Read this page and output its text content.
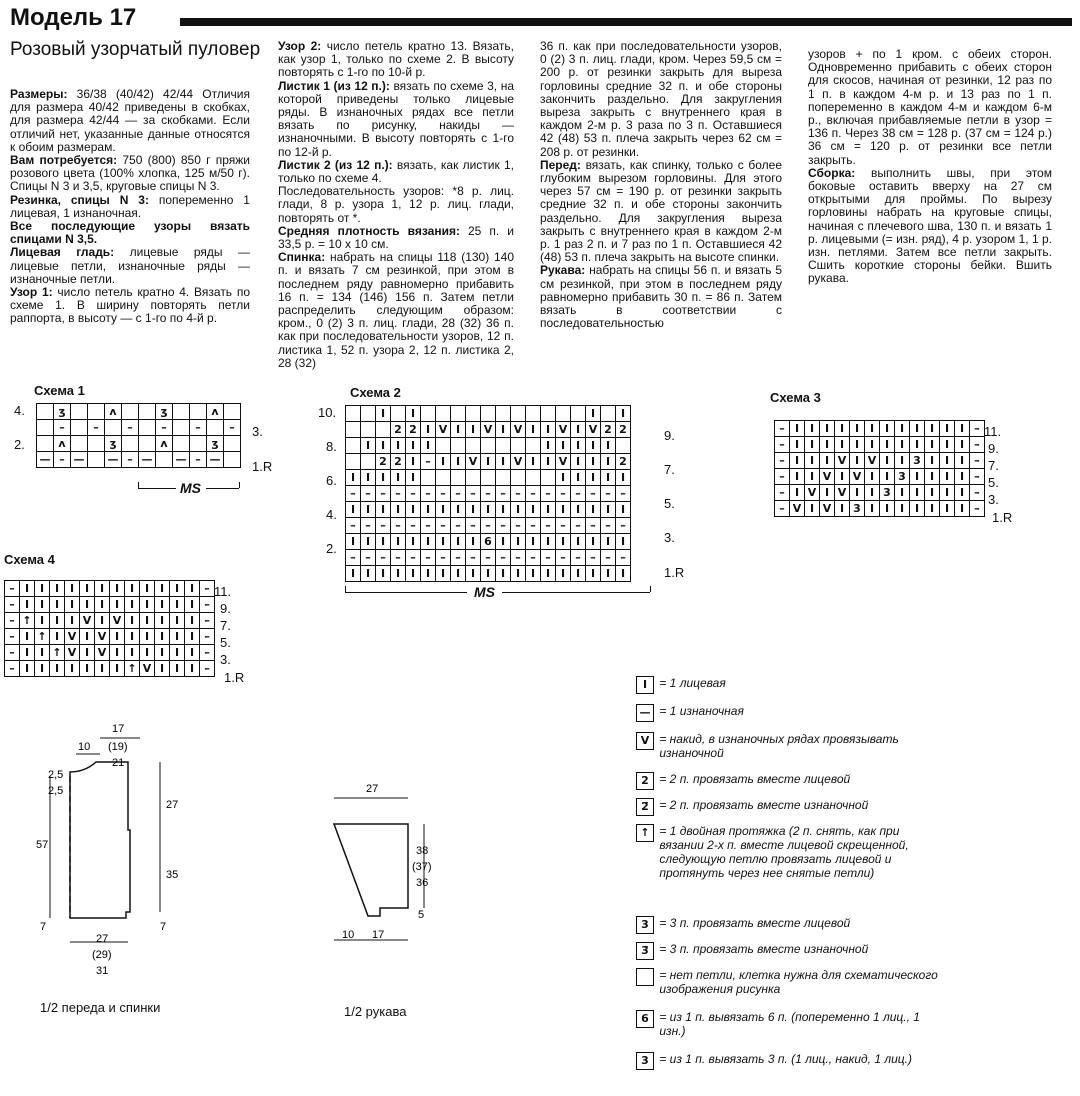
Модель 17
Розовый узорчатый пуловер

Размеры: 36/38 (40/42) 42/44 Отличия для размера 40/42 приведены в скобках, для размера 42/44 — за скобками. Если отличий нет, указанные данные относятся к обоим размерам.

Вам потребуется: 750 (800) 850 г пряжи розового цвета (100% хлопка, 125 м/50 г). Спицы N 3 и 3,5, круговые спицы N 3.

Резинка, спицы N 3: попеременно 1 лицевая, 1 изнаночная.

Все последующие узоры вязать спицами N 3,5.

Лицевая гладь: лицевые ряды — лицевые петли, изнаночные ряды — изнаночные петли.

Узор 1: число петель кратно 4. Вязать по схеме 1. В ширину повторять петли раппорта, в высоту — с 1-го по 4-й р.

Узор 2: число петель кратно 13. Вязать, как узор 1, только по схеме 2. В высоту повторять с 1-го по 10-й р.

Листик 1 (из 12 п.): вязать по схеме 3, на которой приведены только лицевые ряды. В изнаночных рядах все петли вязать по рисунку, накиды — изнаночными. В высоту повторять с 1-го по 12-й р.

Листик 2 (из 12 п.): вязать, как листик 1, только по схеме 4.

Последовательность узоров: *8 р. лиц. глади, 8 р. узора 1, 12 р. лиц. глади, повторять от *.

Средняя плотность вязания: 25 п. и 33,5 р. = 10 х 10 см.

Спинка: набрать на спицы 118 (130) 140 п. и вязать 7 см резинкой, при этом в последнем ряду равномерно прибавить 16 п. = 134 (146) 156 п. Затем петли распределить следующим образом: кром., 0 (2) 3 п. лиц. глади, 28 (32) 36 п. как при последовательности узоров, 12 п. листика 1, 52 п. узора 2, 12 п. листика 2, 28 (32)

36 п. как при последовательности узоров, 0 (2) 3 п. лиц. глади, кром. Через 59,5 см = 200 р. от резинки закрыть для выреза горловины средние 32 п. и обе стороны закончить раздельно. Для закругления выреза закрыть с внутреннего края в каждом 2-м р. 3 раза по 3 п. Оставшиеся 42 (48) 53 п. плеча закрыть через 62 см = 208 р. от резинки.

Перед: вязать, как спинку, только с более глубоким вырезом горловины. Для этого через 57 см = 190 р. от резинки закрыть средние 32 п. и обе стороны закончить раздельно. Для закругления выреза закрыть с внутреннего края в каждом 2-м р. 1 раз 2 п. и 7 раз по 1 п. Оставшиеся 42 (48) 53 п. плеча закрыть на высоте спинки.

Рукава: набрать на спицы 56 п. и вязать 5 см резинкой, при этом в последнем ряду равномерно прибавить 30 п. = 86 п. Затем вязать в соответствии с последовательностью

узоров + по 1 кром. с обеих сторон. Одновременно прибавить с обеих сторон для скосов, начиная от резинки, 12 раз по 1 п. в каждом 4-м р. и 13 раз по 1 п. попеременно в каждом 4-м и каждом 6-м р., включая прибавляемые петли в узор = 136 п. Через 38 см = 128 р. (37 см = 124 р.) 36 см = 120 р. от резинки все петли закрыть.

Сборка: выполнить швы, при этом боковые оставить вверху на 27 см открытыми для проймы. По вырезу горловины набрать на круговые спицы, начиная с плечевого шва, 130 п. и вязать 1 р. лицевыми (= изн. ряд), 4 р. узором 1, 1 р. изн. петлями. Затем все петли закрыть. Сшить короткие стороны бейки. Вшить рукава.

Схема 1
	ʒ			ʌ			ʒ			ʌ	
	–		–		–		–		–		–
	ʌ			ʒ			ʌ			ʒ	
—	–	—		—	–	—		—	–	—	
4.
2.
3.
1.R
MS
Схема 2
		I		I												I		I
			2	2	I	V	I	I	V	I	V	I	I	V	I	V	2	2
	I	I	I	I	I								I	I	I	I	I	
		2	2	I	–	I	I	V	I	I	V	I	I	V	I	I	I	2
I	I	I	I	I										I	I	I	I	I
–	–	–	–	–	–	–	–	–	–	–	–	–	–	–	–	–	–	–
I	I	I	I	I	I	I	I	I	I	I	I	I	I	I	I	I	I	I
–	–	–	–	–	–	–	–	–	–	–	–	–	–	–	–	–	–	–
I	I	I	I	I	I	I	I	I	6	I	I	I	I	I	I	I	I	I
–	–	–	–	–	–	–	–	–	–	–	–	–	–	–	–	–	–	–
I	I	I	I	I	I	I	I	I	I	I	I	I	I	I	I	I	I	I
10.
8.
6.
4.
2.
9.
7.
5.
3.
1.R
MS
Схема 3
–	I	I	I	I	I	I	I	I	I	I	I	I	–
–	I	I	I	I	I	I	I	I	I	I	I	I	–
–	I	I	I	V	I	V	I	I	3	I	I	I	–
–	I	I	V	I	V	I	I	3	I	I	I	I	–
–	I	V	I	V	I	I	3	I	I	I	I	I	–
–	V	I	V	I	3	I	I	I	I	I	I	I	–
11.
9.
7.
5.
3.
1.R
Схема 4
–	I	I	I	I	I	I	I	I	I	I	I	I	–
–	I	I	I	I	I	I	I	I	I	I	I	I	–
–	↑	I	I	I	V	I	V	I	I	I	I	I	–
–	I	↑	I	V	I	V	I	I	I	I	I	I	–
–	I	I	↑	V	I	V	I	I	I	I	I	I	–
–	I	I	I	I	I	I	I	↑	V	I	I	I	–
11.
9.
7.
5.
3.
1.R
10
17
(19)
21
2,5
2,5
57
27
35
7	7
27
(29)
31
1/2 переда и спинки
27
38
(37)
36
5
10 17
1/2 рукава
I = 1 лицевая
— = 1 изнаночная
V = накид, в изнаночных рядах провязывать изнаночной
2 = 2 п. провязать вместе лицевой
2̄ = 2 п. провязать вместе изнаночной
↑ = 1 двойная протяжка (2 п. снять, как при вязании 2-х п. вместе лицевой скрещенной, следующую петлю провязать лицевой и протянуть через нее снятые петли)
3 = 3 п. провязать вместе лицевой
3̄ = 3 п. провязать вместе изнаночной
= нет петли, клетка нужна для схематического изображения рисунка
6 = из 1 п. вывязать 6 п. (попеременно 1 лиц., 1 изн.)
3 = из 1 п. вывязать 3 п. (1 лиц., накид, 1 лиц.)
